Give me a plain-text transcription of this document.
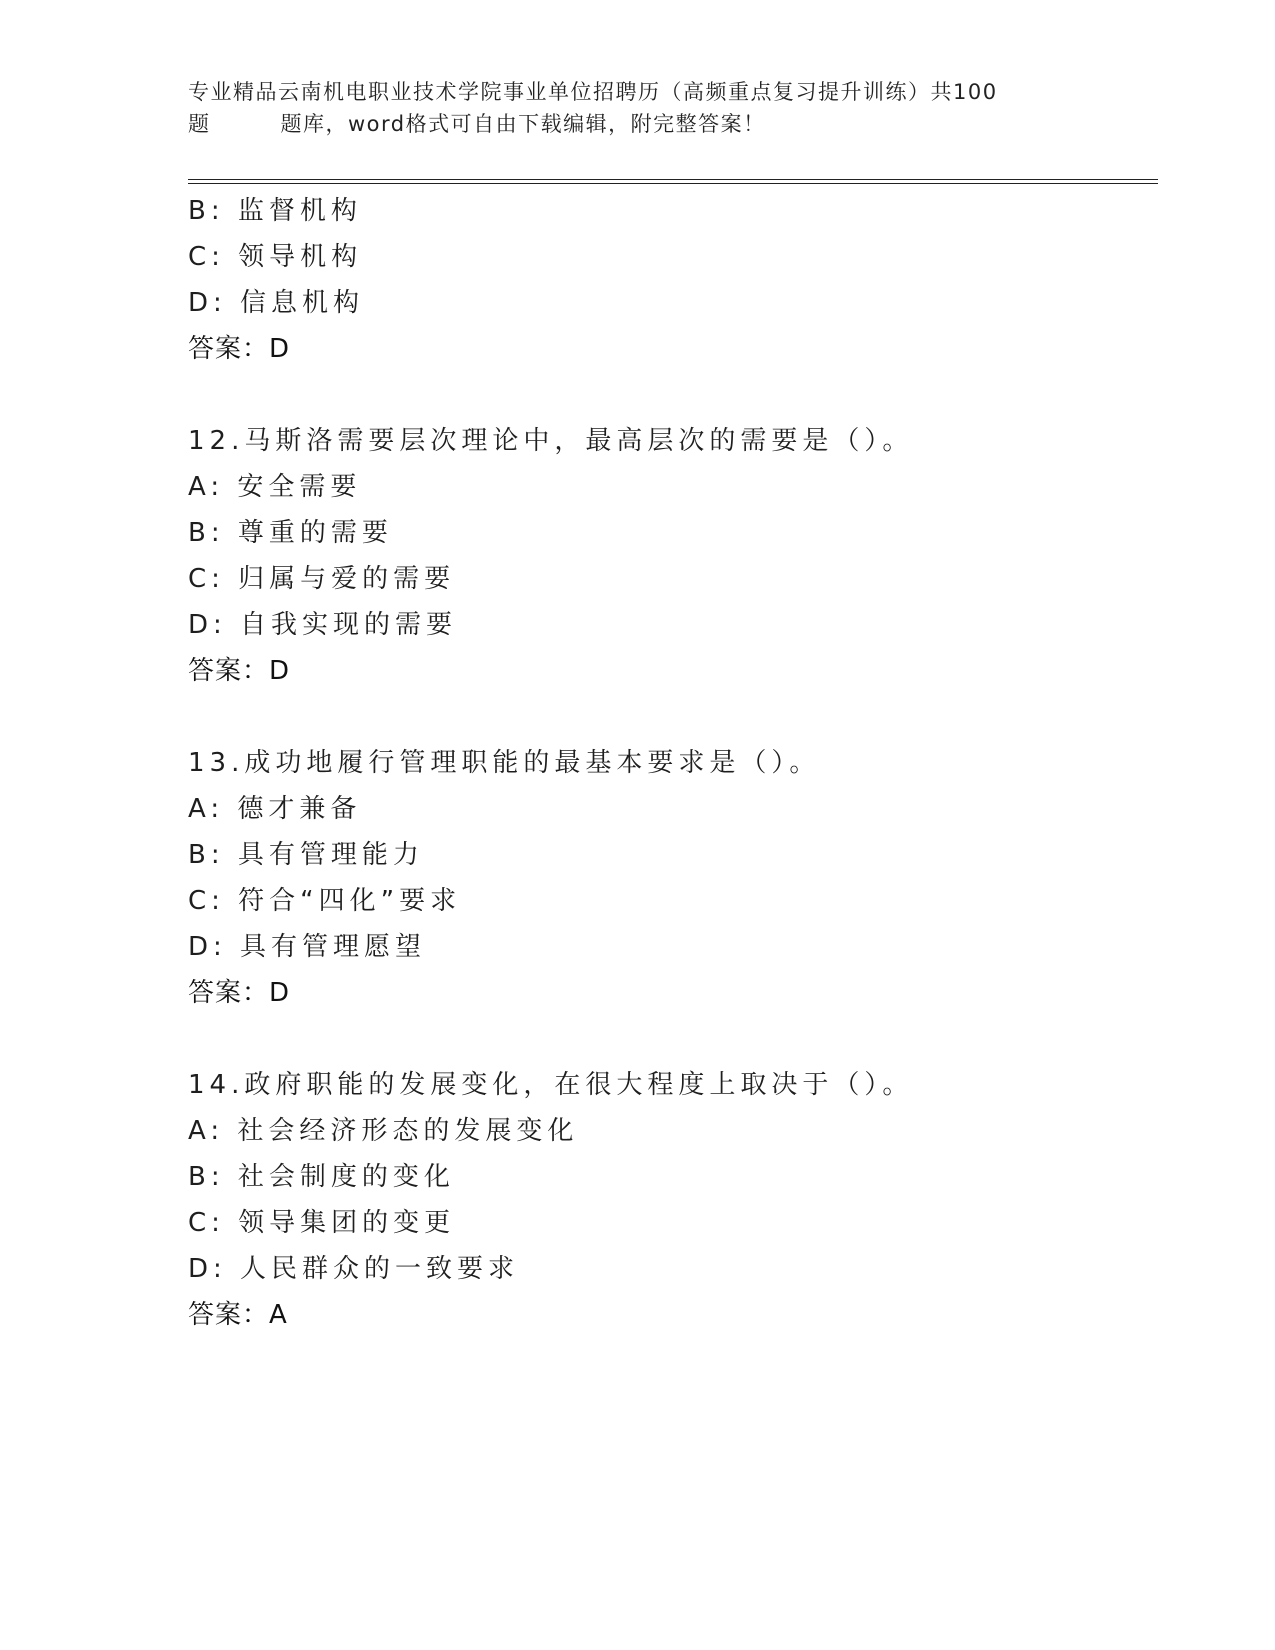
专业精品云南机电职业技术学院事业单位招聘历（高频重点复习提升训练）共100
题	题库，word格式可自由下载编辑，附完整答案！
B: 监督机构
C: 领导机构
D: 信息机构
答案：D
12.马斯洛需要层次理论中，最高层次的需要是（）。
A: 安全需要
B: 尊重的需要
C: 归属与爱的需要
D: 自我实现的需要
答案：D
13.成功地履行管理职能的最基本要求是（）。
A: 德才兼备
B: 具有管理能力
C: 符合“四化”要求
D: 具有管理愿望
答案：D
14.政府职能的发展变化，在很大程度上取决于（）。
A: 社会经济形态的发展变化
B: 社会制度的变化
C: 领导集团的变更
D: 人民群众的一致要求
答案：A
